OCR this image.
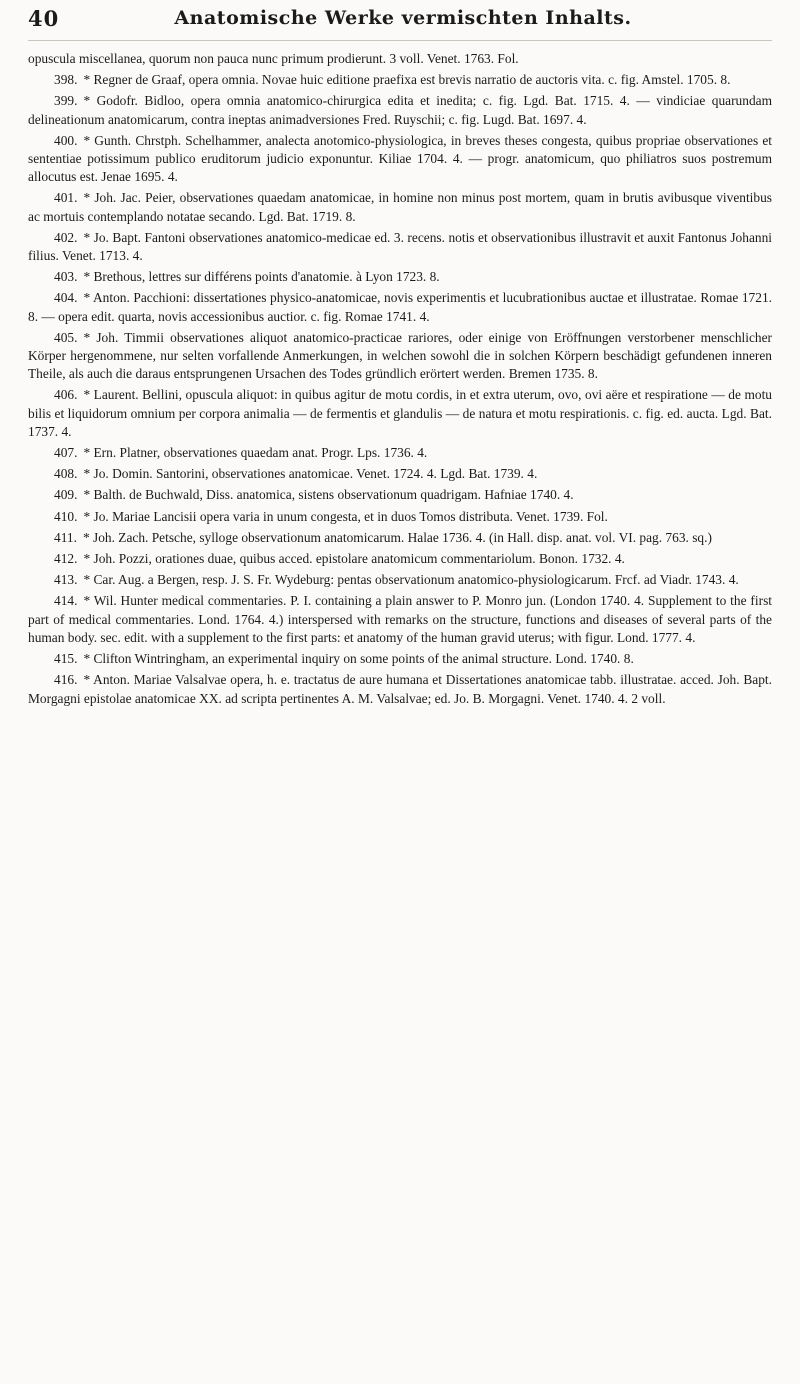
40	Anatomische Werke vermischten Inhalts.

opuscula miscellanea, quorum non pauca nunc primum prodierunt. 3 voll. Venet. 1763. Fol.

398. * Regner de Graaf, opera omnia. Novae huic editione praefixa est brevis narratio de auctoris vita. c. fig. Amstel. 1705. 8.

399. * Godofr. Bidloo, opera omnia anatomico-chirurgica edita et inedita; c. fig. Lgd. Bat. 1715. 4. — vindiciae quarundam delineationum anatomicarum, contra ineptas animadversiones Fred. Ruyschii; c. fig. Lugd. Bat. 1697. 4.

400. * Gunth. Chrstph. Schelhammer, analecta anotomico-physiologica, in breves theses congesta, quibus propriae observationes et sententiae potissimum publico eruditorum judicio exponuntur. Kiliae 1704. 4. — progr. anatomicum, quo philiatros suos postremum allocutus est. Jenae 1695. 4.

401. * Joh. Jac. Peier, observationes quaedam anatomicae, in homine non minus post mortem, quam in brutis avibusque viventibus ac mortuis contemplando notatae secando. Lgd. Bat. 1719. 8.

402. * Jo. Bapt. Fantoni observationes anatomico-medicae ed. 3. recens. notis et observationibus illustravit et auxit Fantonus Johanni filius. Venet. 1713. 4.

403. * Brethous, lettres sur différens points d'anatomie. à Lyon 1723. 8.

404. * Anton. Pacchioni: dissertationes physico-anatomicae, novis experimentis et lucubrationibus auctae et illustratae. Romae 1721. 8. — opera edit. quarta, novis accessionibus auctior. c. fig. Romae 1741. 4.

405. * Joh. Timmii observationes aliquot anatomico-practicae rariores, oder einige von Eröffnungen verstorbener menschlicher Körper hergenommene, nur selten vorfallende Anmerkungen, in welchen sowohl die in solchen Körpern beschädigt gefundenen inneren Theile, als auch die daraus entsprungenen Ursachen des Todes gründlich erörtert werden. Bremen 1735. 8.

406. * Laurent. Bellini, opuscula aliquot: in quibus agitur de motu cordis, in et extra uterum, ovo, ovi aëre et respiratione — de motu bilis et liquidorum omnium per corpora animalia — de fermentis et glandulis — de natura et motu respirationis. c. fig. ed. aucta. Lgd. Bat. 1737. 4.

407. * Ern. Platner, observationes quaedam anat. Progr. Lps. 1736. 4.

408. * Jo. Domin. Santorini, observationes anatomicae. Venet. 1724. 4. Lgd. Bat. 1739. 4.

409. * Balth. de Buchwald, Diss. anatomica, sistens observationum quadrigam. Hafniae 1740. 4.

410. * Jo. Mariae Lancisii opera varia in unum congesta, et in duos Tomos distributa. Venet. 1739. Fol.

411. * Joh. Zach. Petsche, sylloge observationum anatomicarum. Halae 1736. 4. (in Hall. disp. anat. vol. VI. pag. 763. sq.)

412. * Joh. Pozzi, orationes duae, quibus acced. epistolare anatomicum commentariolum. Bonon. 1732. 4.

413. * Car. Aug. a Bergen, resp. J. S. Fr. Wydeburg: pentas observationum anatomico-physiologicarum. Frcf. ad Viadr. 1743. 4.

414. * Wil. Hunter medical commentaries. P. I. containing a plain answer to P. Monro jun. (London 1740. 4. Supplement to the first part of medical commentaries. Lond. 1764. 4.) interspersed with remarks on the structure, functions and diseases of several parts of the human body. sec. edit. with a supplement to the first parts: et anatomy of the human gravid uterus; with figur. Lond. 1777. 4.

415. * Clifton Wintringham, an experimental inquiry on some points of the animal structure. Lond. 1740. 8.

416. * Anton. Mariae Valsalvae opera, h. e. tractatus de aure humana et Dissertationes anatomicae tabb. illustratae. acced. Joh. Bapt. Morgagni epistolae anatomicae XX. ad scripta pertinentes A. M. Valsalvae; ed. Jo. B. Morgagni. Venet. 1740. 4. 2 voll.
